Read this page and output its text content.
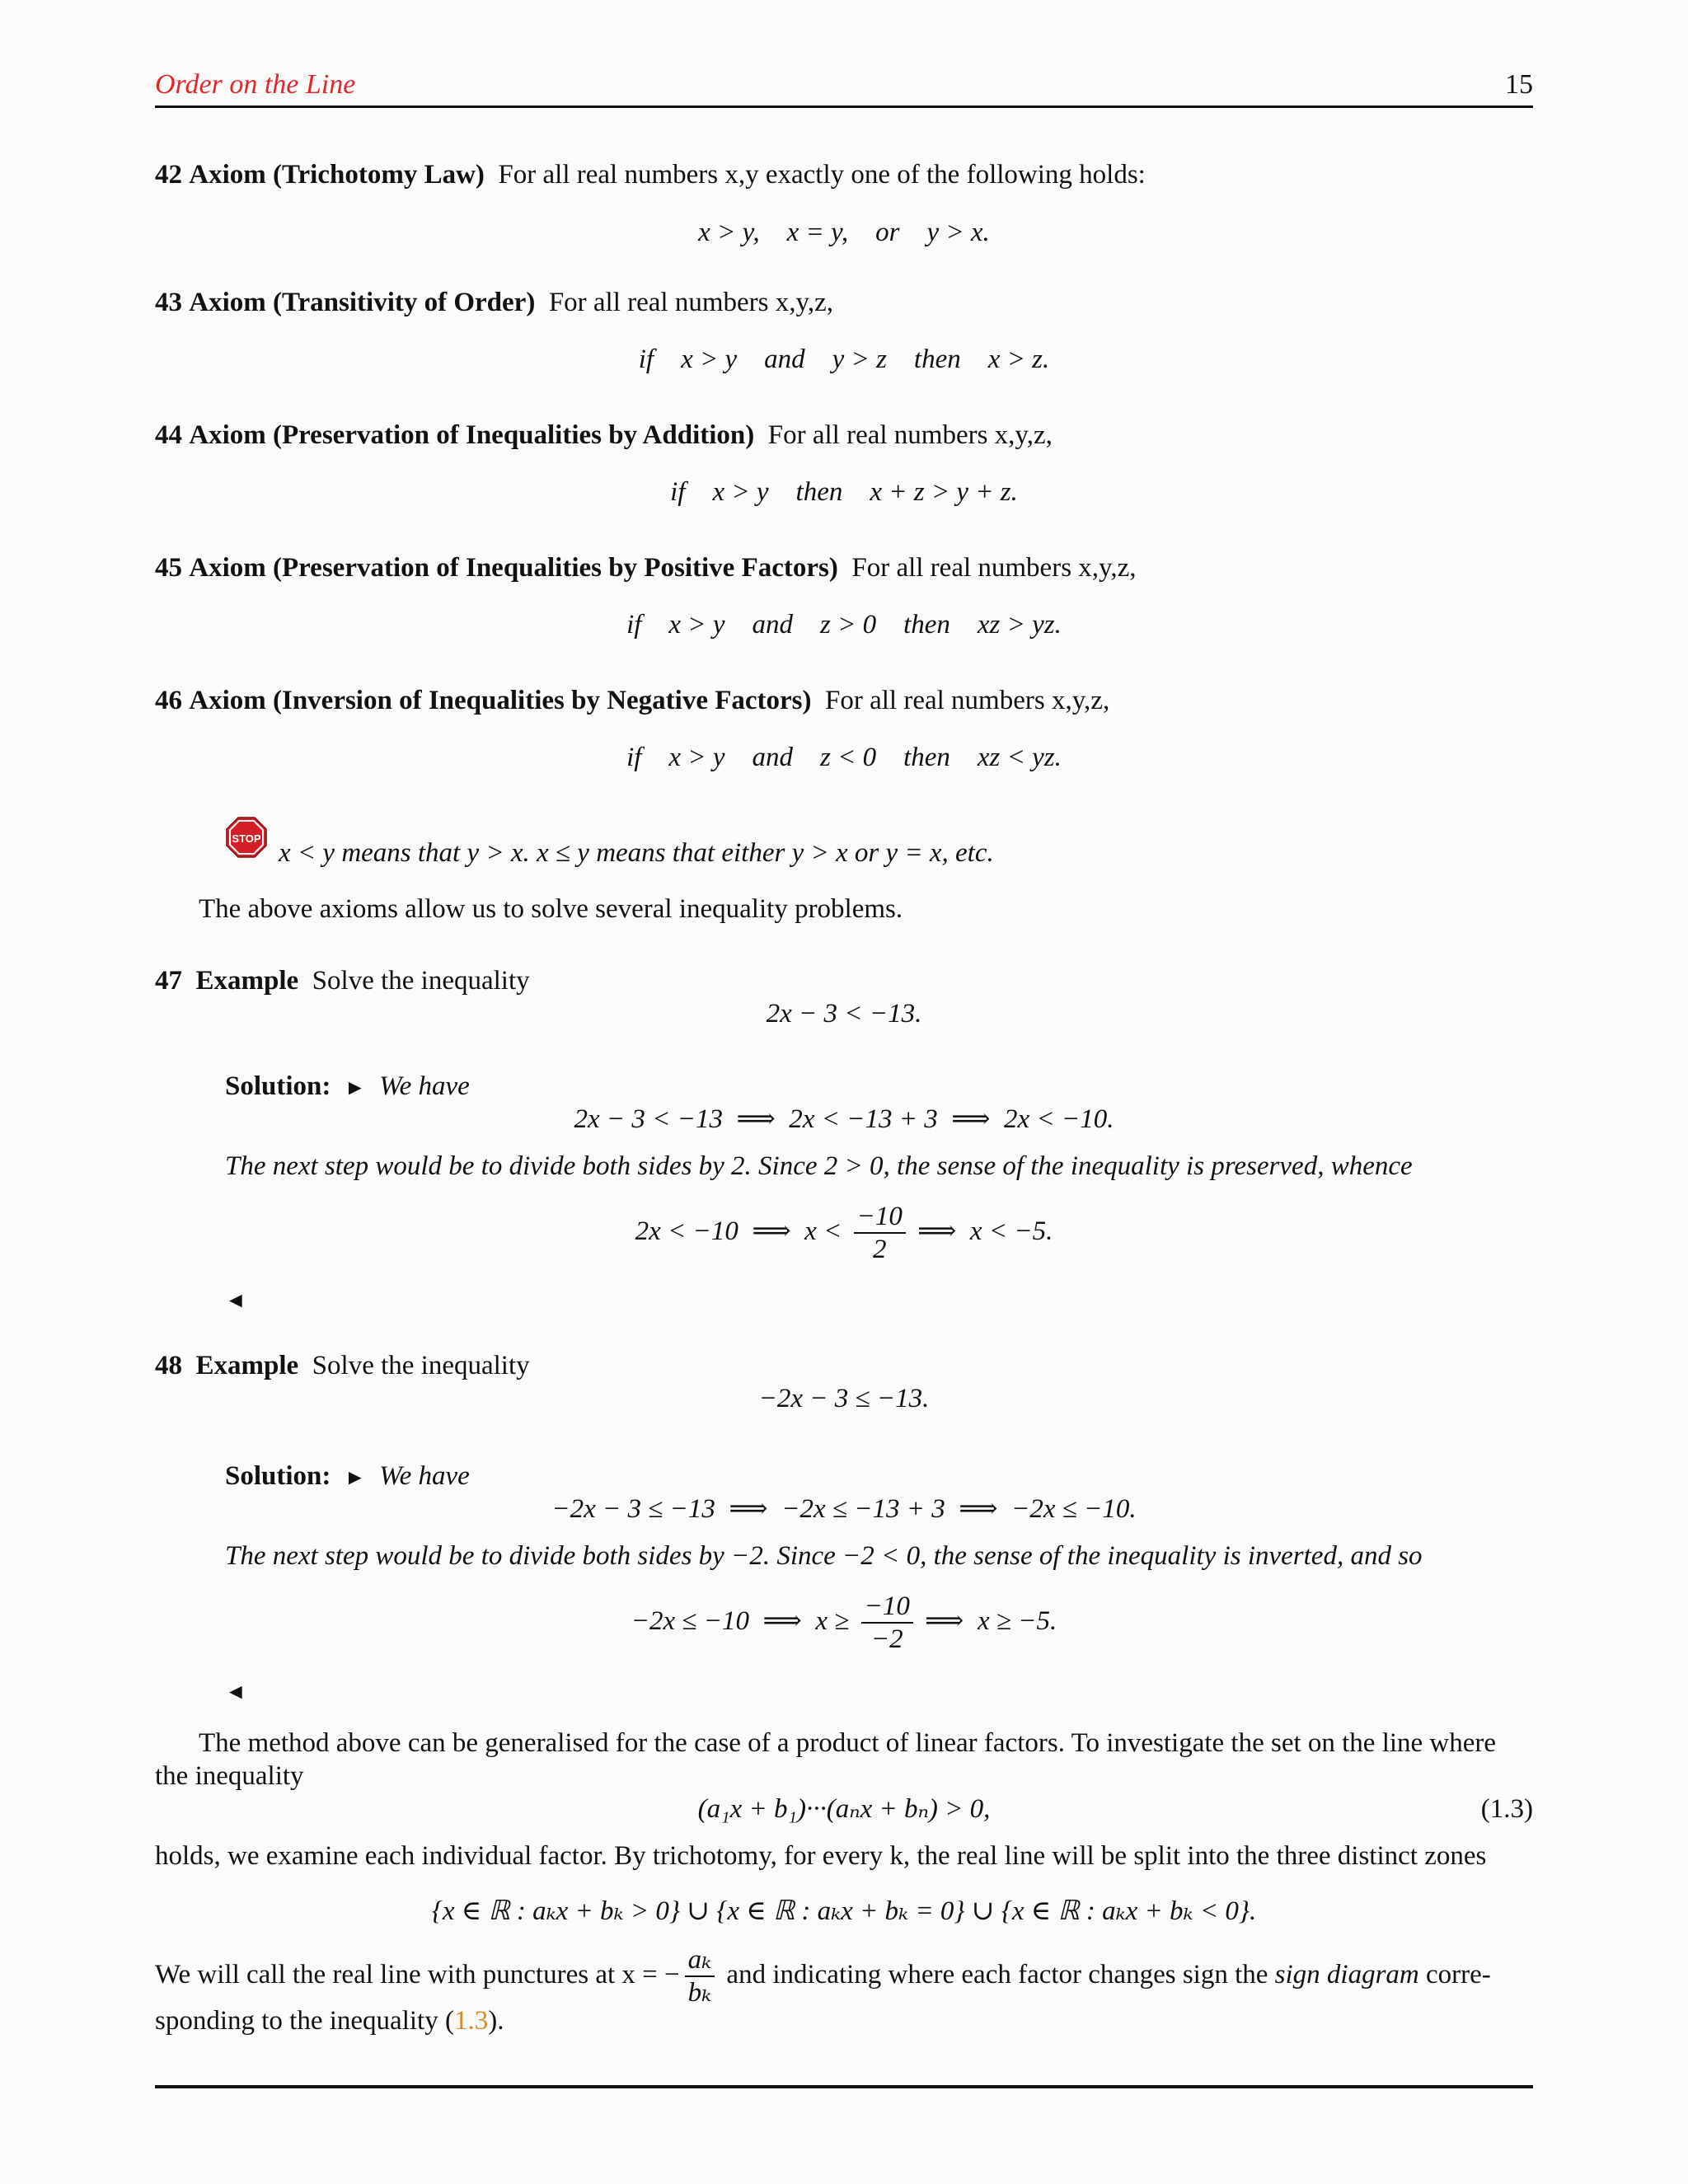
Order on the Line	15
42 Axiom (Trichotomy Law) For all real numbers x,y exactly one of the following holds:
x > y,    x = y,    or    y > x.
43 Axiom (Transitivity of Order) For all real numbers x,y,z,
if    x > y    and    y > z    then    x > z.
44 Axiom (Preservation of Inequalities by Addition) For all real numbers x,y,z,
if    x > y    then    x + z > y + z.
45 Axiom (Preservation of Inequalities by Positive Factors) For all real numbers x,y,z,
if    x > y    and    z > 0    then    xz > yz.
46 Axiom (Inversion of Inequalities by Negative Factors) For all real numbers x,y,z,
if    x > y    and    z < 0    then    xz < yz.
STOP x < y means that y > x. x ≤ y means that either y > x or y = x, etc.
The above axioms allow us to solve several inequality problems.
47 Example Solve the inequality
2x − 3 < −13.
Solution: ► We have
2x − 3 < −13  ⟹  2x < −13 + 3  ⟹  2x < −10.
The next step would be to divide both sides by 2. Since 2 > 0, the sense of the inequality is preserved, whence
2x < −10  ⟹  $x < \frac{-10}{2}$ ⟹  x < −5.
◄
48 Example Solve the inequality
−2x − 3 ≤ −13.
Solution: ► We have
−2x − 3 ≤ −13  ⟹  −2x ≤ −13 + 3  ⟹  −2x ≤ −10.
The next step would be to divide both sides by −2. Since −2 < 0, the sense of the inequality is inverted, and so
−2x ≤ −10  ⟹  $x \ge \frac{-10}{-2}$ ⟹  x ≥ −5.
◄
The method above can be generalised for the case of a product of linear factors. To investigate the set on the line where the inequality
(a₁x + b₁)···(aₙx + bₙ) > 0,	(1.3)
holds, we examine each individual factor. By trichotomy, for every k, the real line will be split into the three distinct zones
{x ∈ ℝ : aₖx + bₖ > 0} ∪ {x ∈ ℝ : aₖx + bₖ = 0} ∪ {x ∈ ℝ : aₖx + bₖ < 0}.
We will call the real line with punctures at x = − $\frac{\text{aₖ}}{\text{bₖ}}$ and indicating where each factor changes sign the sign diagram corre-
sponding to the inequality (1.3).
